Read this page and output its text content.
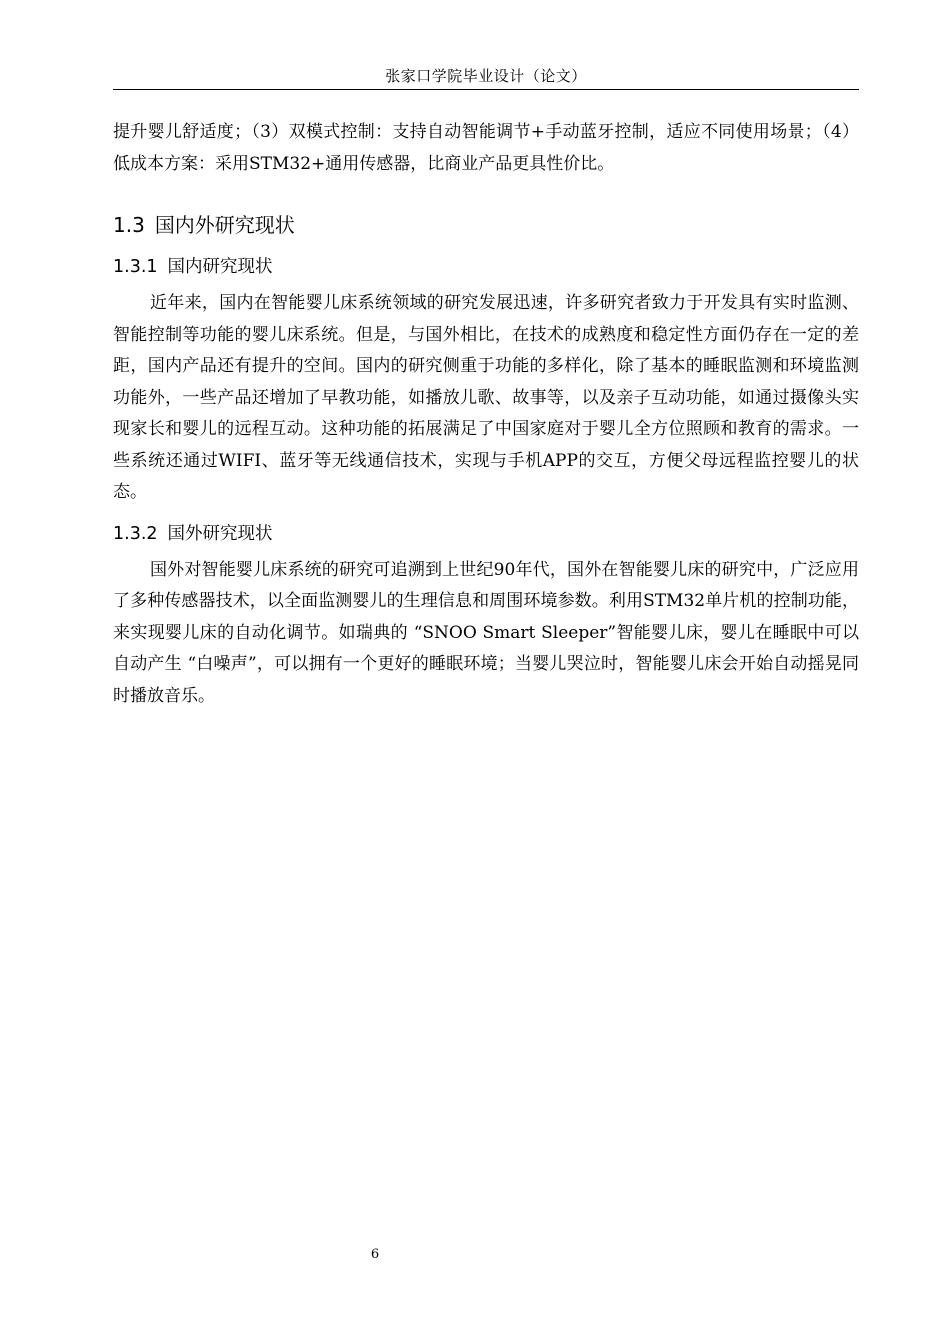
张家口学院毕业设计（论文）

提升婴儿舒适度；（3）双模式控制：支持自动智能调节+手动蓝牙控制，适应不同使用场景；（4）低成本方案：采用STM32+通用传感器，比商业产品更具性价比。

1.3 国内外研究现状
1.3.1 国内研究现状

近年来，国内在智能婴儿床系统领域的研究发展迅速，许多研究者致力于开发具有实时监测、智能控制等功能的婴儿床系统。但是，与国外相比，在技术的成熟度和稳定性方面仍存在一定的差距，国内产品还有提升的空间。国内的研究侧重于功能的多样化，除了基本的睡眠监测和环境监测功能外，一些产品还增加了早教功能，如播放儿歌、故事等，以及亲子互动功能，如通过摄像头实现家长和婴儿的远程互动。这种功能的拓展满足了中国家庭对于婴儿全方位照顾和教育的需求。一些系统还通过WIFI、蓝牙等无线通信技术，实现与手机APP的交互，方便父母远程监控婴儿的状态。

1.3.2 国外研究现状

国外对智能婴儿床系统的研究可追溯到上世纪90年代，国外在智能婴儿床的研究中，广泛应用了多种传感器技术，以全面监测婴儿的生理信息和周围环境参数。利用STM32单片机的控制功能，来实现婴儿床的自动化调节。如瑞典的 “SNOO Smart Sleeper”智能婴儿床，婴儿在睡眠中可以自动产生 “白噪声”，可以拥有一个更好的睡眠环境；当婴儿哭泣时，智能婴儿床会开始自动摇晃同时播放音乐。

6
